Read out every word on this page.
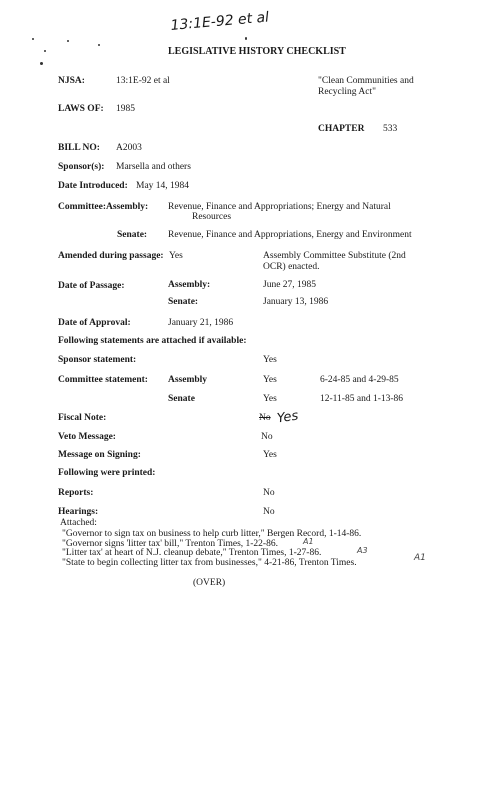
13:1E-92 et al
LEGISLATIVE HISTORY CHECKLIST
NJSA:	13:1E-92 et al	"Clean Communities and
Recycling Act"
LAWS OF: 1985
CHAPTER 533
BILL NO: A2003
Sponsor(s): Marsella and others
Date Introduced: May 14, 1984
Committee: Assembly: Revenue, Finance and Appropriations; Energy and Natural
Resources
Senate: Revenue, Finance and Appropriations, Energy and Environment
Amended during passage: Yes	Assembly Committee Substitute (2nd
OCR) enacted.
Date of Passage:	Assembly:	June 27, 1985
Senate:	January 13, 1986
Date of Approval:	January 21, 1986
Following statements are attached if available:
Sponsor statement:	Yes
Committee statement: Assembly	Yes	6-24-85 and 4-29-85
Senate	Yes	12-11-85 and 1-13-86
Fiscal Note:	No Yes
Veto Message:	No
Message on Signing:	Yes
Following were printed:
Reports:	No
Hearings:	No
Attached:
"Governor to sign tax on business to help curb litter," Bergen Record, 1-14-86.
"Governor signs 'litter tax' bill," Trenton Times, 1-22-86.	A1
"Litter tax' at heart of N.J. cleanup debate," Trenton Times, 1-27-86.	A3
"State to begin collecting litter tax from businesses," 4-21-86, Trenton Times.	A1
(OVER)
